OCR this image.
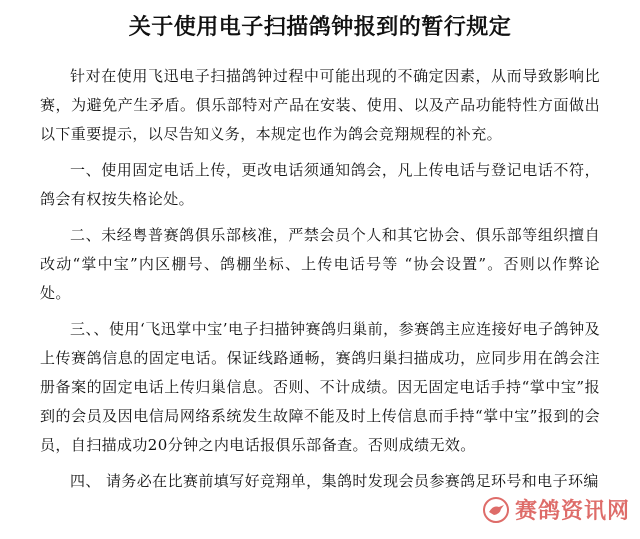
关于使用电子扫描鸽钟报到的暂行规定

针对在使用飞迅电子扫描鸽钟过程中可能出现的不确定因素，从而导致影响比赛，为避免产生矛盾。俱乐部特对产品在安装、使用、以及产品功能特性方面做出以下重要提示，以尽告知义务，本规定也作为鸽会竞翔规程的补充。

一、使用固定电话上传，更改电话须通知鸽会，凡上传电话与登记电话不符，鸽会有权按失格论处。

二、未经粤普赛鸽俱乐部核准，严禁会员个人和其它协会、俱乐部等组织擅自改动“掌中宝”内区棚号、鸽棚坐标、上传电话号等 “协会设置”。否则以作弊论处。

三、、使用‘飞迅掌中宝’电子扫描钟赛鸽归巢前，参赛鸽主应连接好电子鸽钟及上传赛鸽信息的固定电话。保证线路通畅，赛鸽归巢扫描成功，应同步用在鸽会注册备案的固定电话上传归巢信息。否则、不计成绩。因无固定电话手持“掌中宝”报到的会员及因电信局网络系统发生故障不能及时上传信息而手持“掌中宝”报到的会员，自扫描成功20分钟之内电话报俱乐部备查。否则成绩无效。

四、 请务必在比赛前填写好竞翔单，集鸽时发现会员参赛鸽足环号和电子环编

赛鸽资讯网
